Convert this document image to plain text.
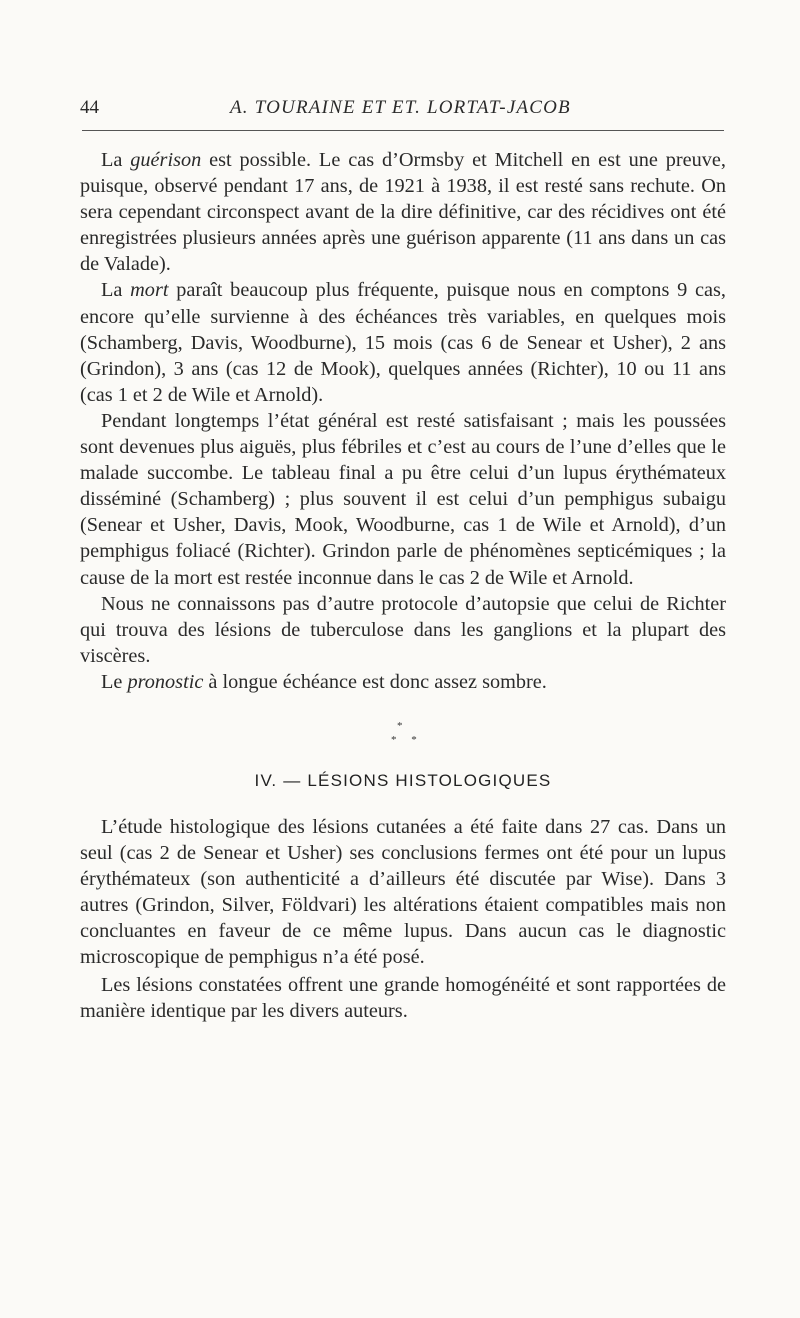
44	A. TOURAINE ET ET. LORTAT-JACOB

La guérison est possible. Le cas d’Ormsby et Mitchell en est une preuve, puisque, observé pendant 17 ans, de 1921 à 1938, il est resté sans rechute. On sera cependant circonspect avant de la dire définitive, car des récidives ont été enregistrées plusieurs années après une guérison apparente (11 ans dans un cas de Valade).

La mort paraît beaucoup plus fréquente, puisque nous en comptons 9 cas, encore qu’elle survienne à des échéances très variables, en quelques mois (Schamberg, Davis, Woodburne), 15 mois (cas 6 de Senear et Usher), 2 ans (Grindon), 3 ans (cas 12 de Mook), quelques années (Richter), 10 ou 11 ans (cas 1 et 2 de Wile et Arnold).

Pendant longtemps l’état général est resté satisfaisant ; mais les poussées sont devenues plus aiguës, plus fébriles et c’est au cours de l’une d’elles que le malade succombe. Le tableau final a pu être celui d’un lupus érythémateux disséminé (Schamberg) ; plus souvent il est celui d’un pemphigus subaigu (Senear et Usher, Davis, Mook, Woodburne, cas 1 de Wile et Arnold), d’un pemphigus foliacé (Richter). Grindon parle de phénomènes septicémiques ; la cause de la mort est restée inconnue dans le cas 2 de Wile et Arnold.

Nous ne connaissons pas d’autre protocole d’autopsie que celui de Richter qui trouva des lésions de tuberculose dans les ganglions et la plupart des viscères.

Le pronostic à longue échéance est donc assez sombre.

*
* *
IV. — LÉSIONS HISTOLOGIQUES

L’étude histologique des lésions cutanées a été faite dans 27 cas. Dans un seul (cas 2 de Senear et Usher) ses conclusions fermes ont été pour un lupus érythémateux (son authenticité a d’ailleurs été discutée par Wise). Dans 3 autres (Grindon, Silver, Földvari) les altérations étaient compatibles mais non concluantes en faveur de ce même lupus. Dans aucun cas le diagnostic microscopique de pemphigus n’a été posé.

Les lésions constatées offrent une grande homogénéité et sont rapportées de manière identique par les divers auteurs.
